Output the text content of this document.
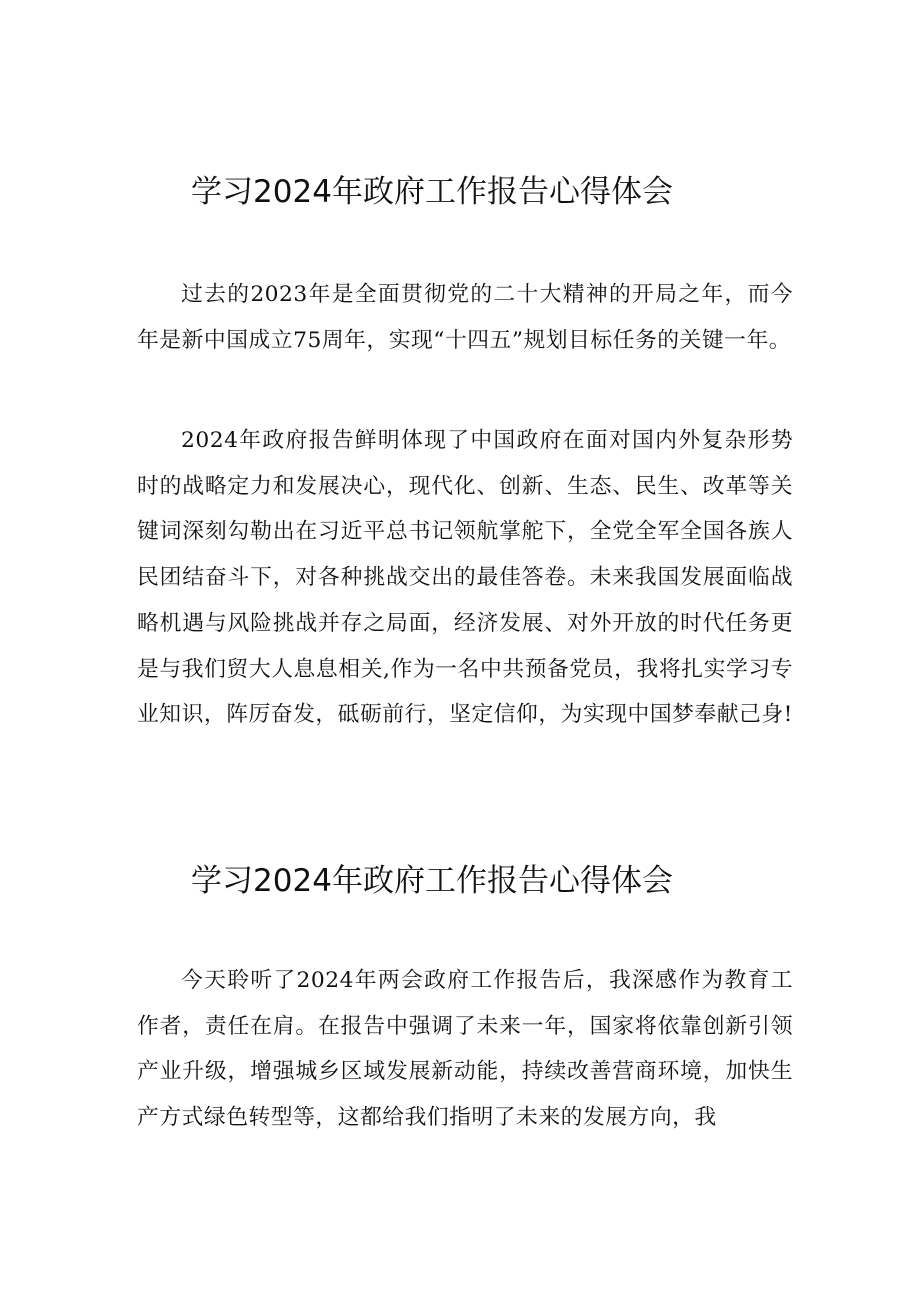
学习2024年政府工作报告心得体会

过去的2023年是全面贯彻党的二十大精神的开局之年，而今年是新中国成立75周年，实现“十四五”规划目标任务的关键一年。

2024年政府报告鲜明体现了中国政府在面对国内外复杂形势时的战略定力和发展决心，现代化、创新、生态、民生、改革等关键词深刻勾勒出在习近平总书记领航掌舵下，全党全军全国各族人民团结奋斗下，对各种挑战交出的最佳答卷。未来我国发展面临战略机遇与风险挑战并存之局面，经济发展、对外开放的时代任务更是与我们贸大人息息相关,作为一名中共预备党员，我将扎实学习专业知识，阵厉奋发，砥砺前行，坚定信仰，为实现中国梦奉献己身!

学习2024年政府工作报告心得体会

今天聆听了2024年两会政府工作报告后，我深感作为教育工作者，责任在肩。在报告中强调了未来一年，国家将依靠创新引领产业升级，增强城乡区域发展新动能，持续改善营商环境，加快生产方式绿色转型等，这都给我们指明了未来的发展方向，我
